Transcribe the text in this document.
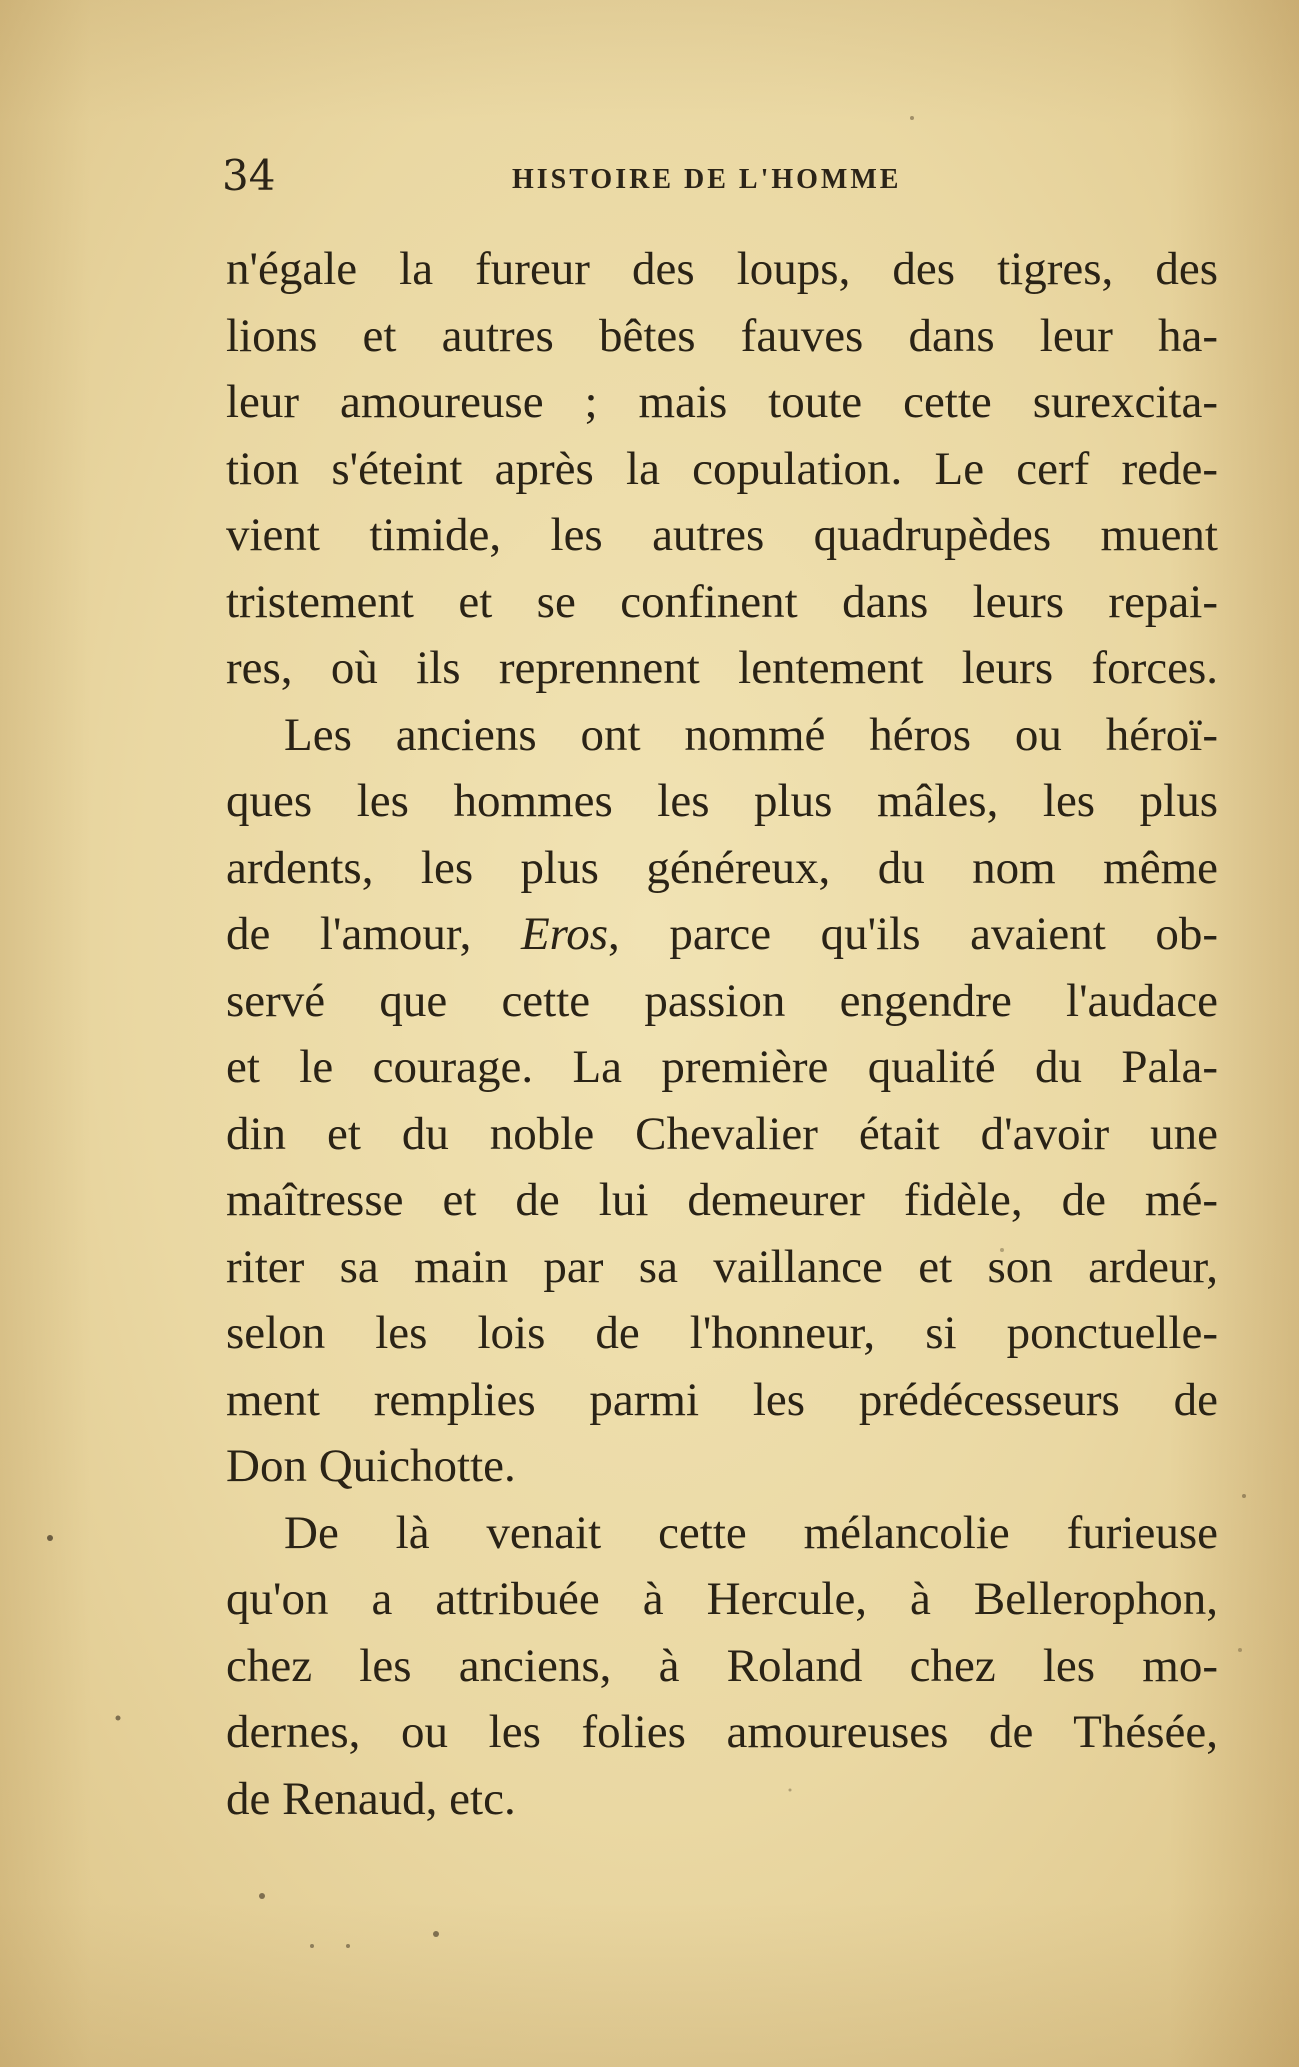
34	HISTOIRE DE L'HOMME
n'égale la fureur des loups, des tigres, des
lions et autres bêtes fauves dans leur ha-
leur amoureuse ; mais toute cette surexcita-
tion s'éteint après la copulation. Le cerf rede-
vient timide, les autres quadrupèdes muent
tristement et se confinent dans leurs repai-
res, où ils reprennent lentement leurs forces.
Les anciens ont nommé héros ou héroï-
ques les hommes les plus mâles, les plus
ardents, les plus généreux, du nom même
de l'amour, Eros, parce qu'ils avaient ob-
servé que cette passion engendre l'audace
et le courage. La première qualité du Pala-
din et du noble Chevalier était d'avoir une
maîtresse et de lui demeurer fidèle, de mé-
riter sa main par sa vaillance et son ardeur,
selon les lois de l'honneur, si ponctuelle-
ment remplies parmi les prédécesseurs de
Don Quichotte.
De là venait cette mélancolie furieuse
qu'on a attribuée à Hercule, à Bellerophon,
chez les anciens, à Roland chez les mo-
dernes, ou les folies amoureuses de Thésée,
de Renaud, etc.
